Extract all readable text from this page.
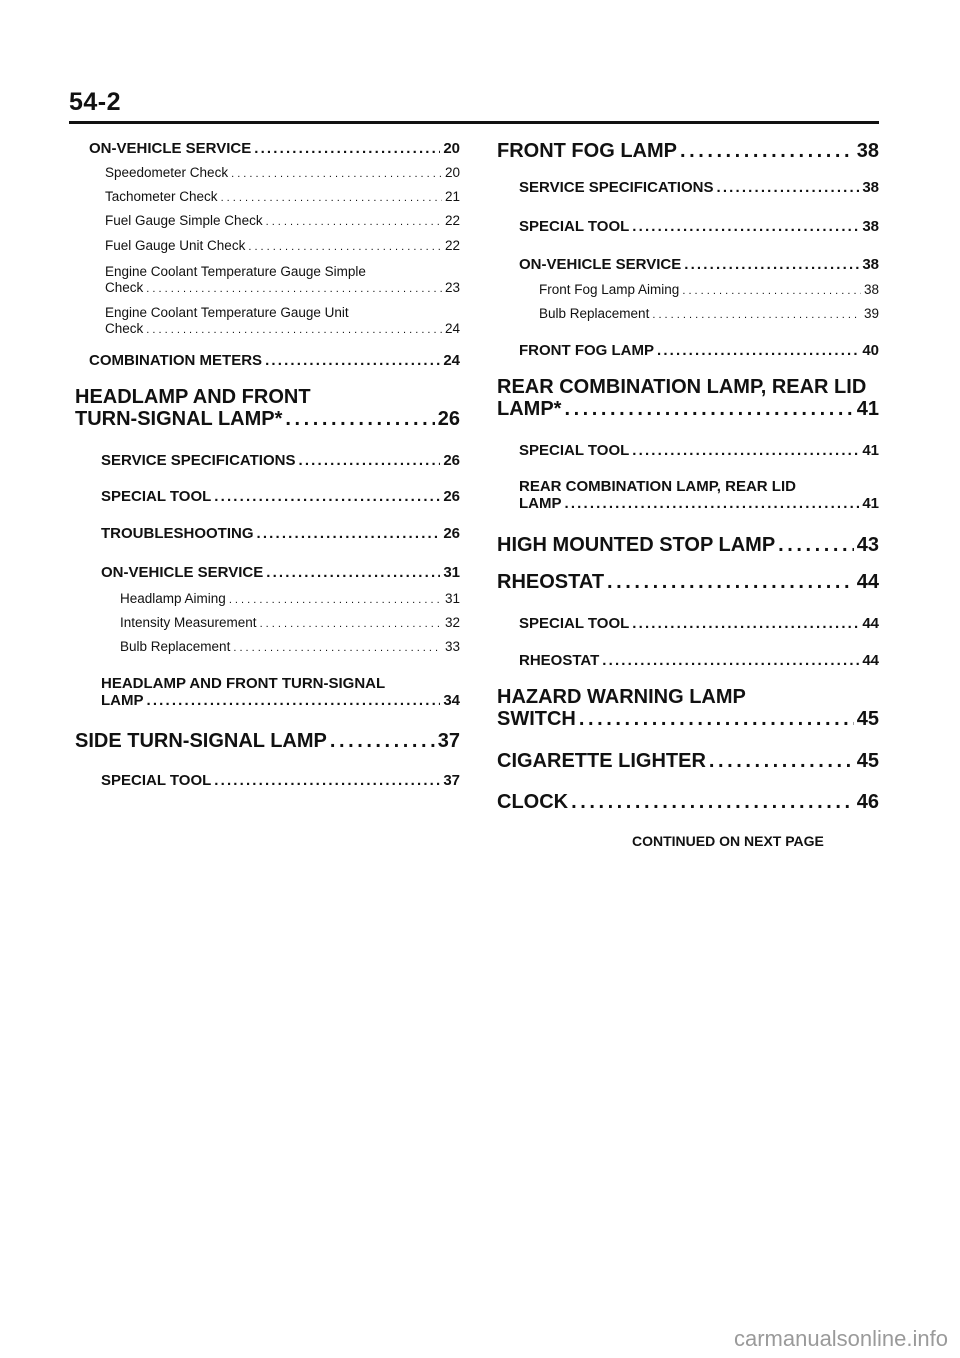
54-2
ON-VEHICLE SERVICE . . .	20
Speedometer Check . . .	20
Tachometer Check . . .	21
Fuel Gauge Simple Check . . .	22
Fuel Gauge Unit Check . . .	22
Engine Coolant Temperature Gauge Simple
Check . . .	23
Engine Coolant Temperature Gauge Unit
Check . . .	24
COMBINATION METERS . . .	24
HEADLAMP AND FRONT
TURN-SIGNAL LAMP* . . .	26
SERVICE SPECIFICATIONS . . .	26
SPECIAL TOOL . . .	26
TROUBLESHOOTING . . .	26
ON-VEHICLE SERVICE . . .	31
Headlamp Aiming . . .	31
Intensity Measurement . . .	32
Bulb Replacement . . .	33
HEADLAMP AND FRONT TURN-SIGNAL
LAMP . . .	34
SIDE TURN-SIGNAL LAMP . . .	37
SPECIAL TOOL . . .	37
FRONT FOG LAMP . . .	38
SERVICE SPECIFICATIONS . . .	38
SPECIAL TOOL . . .	38
ON-VEHICLE SERVICE . . .	38
Front Fog Lamp Aiming . . .	38
Bulb Replacement . . .	39
FRONT FOG LAMP . . .	40
REAR COMBINATION LAMP, REAR LID
LAMP* . . .	41
SPECIAL TOOL . . .	41
REAR COMBINATION LAMP, REAR LID
LAMP . . .	41
HIGH MOUNTED STOP LAMP . . .	43
RHEOSTAT . . .	44
SPECIAL TOOL . . .	44
RHEOSTAT . . .	44
HAZARD WARNING LAMP
SWITCH . . .	45
CIGARETTE LIGHTER . . .	45
CLOCK . . .	46
CONTINUED ON NEXT PAGE
carmanualsonline.info
